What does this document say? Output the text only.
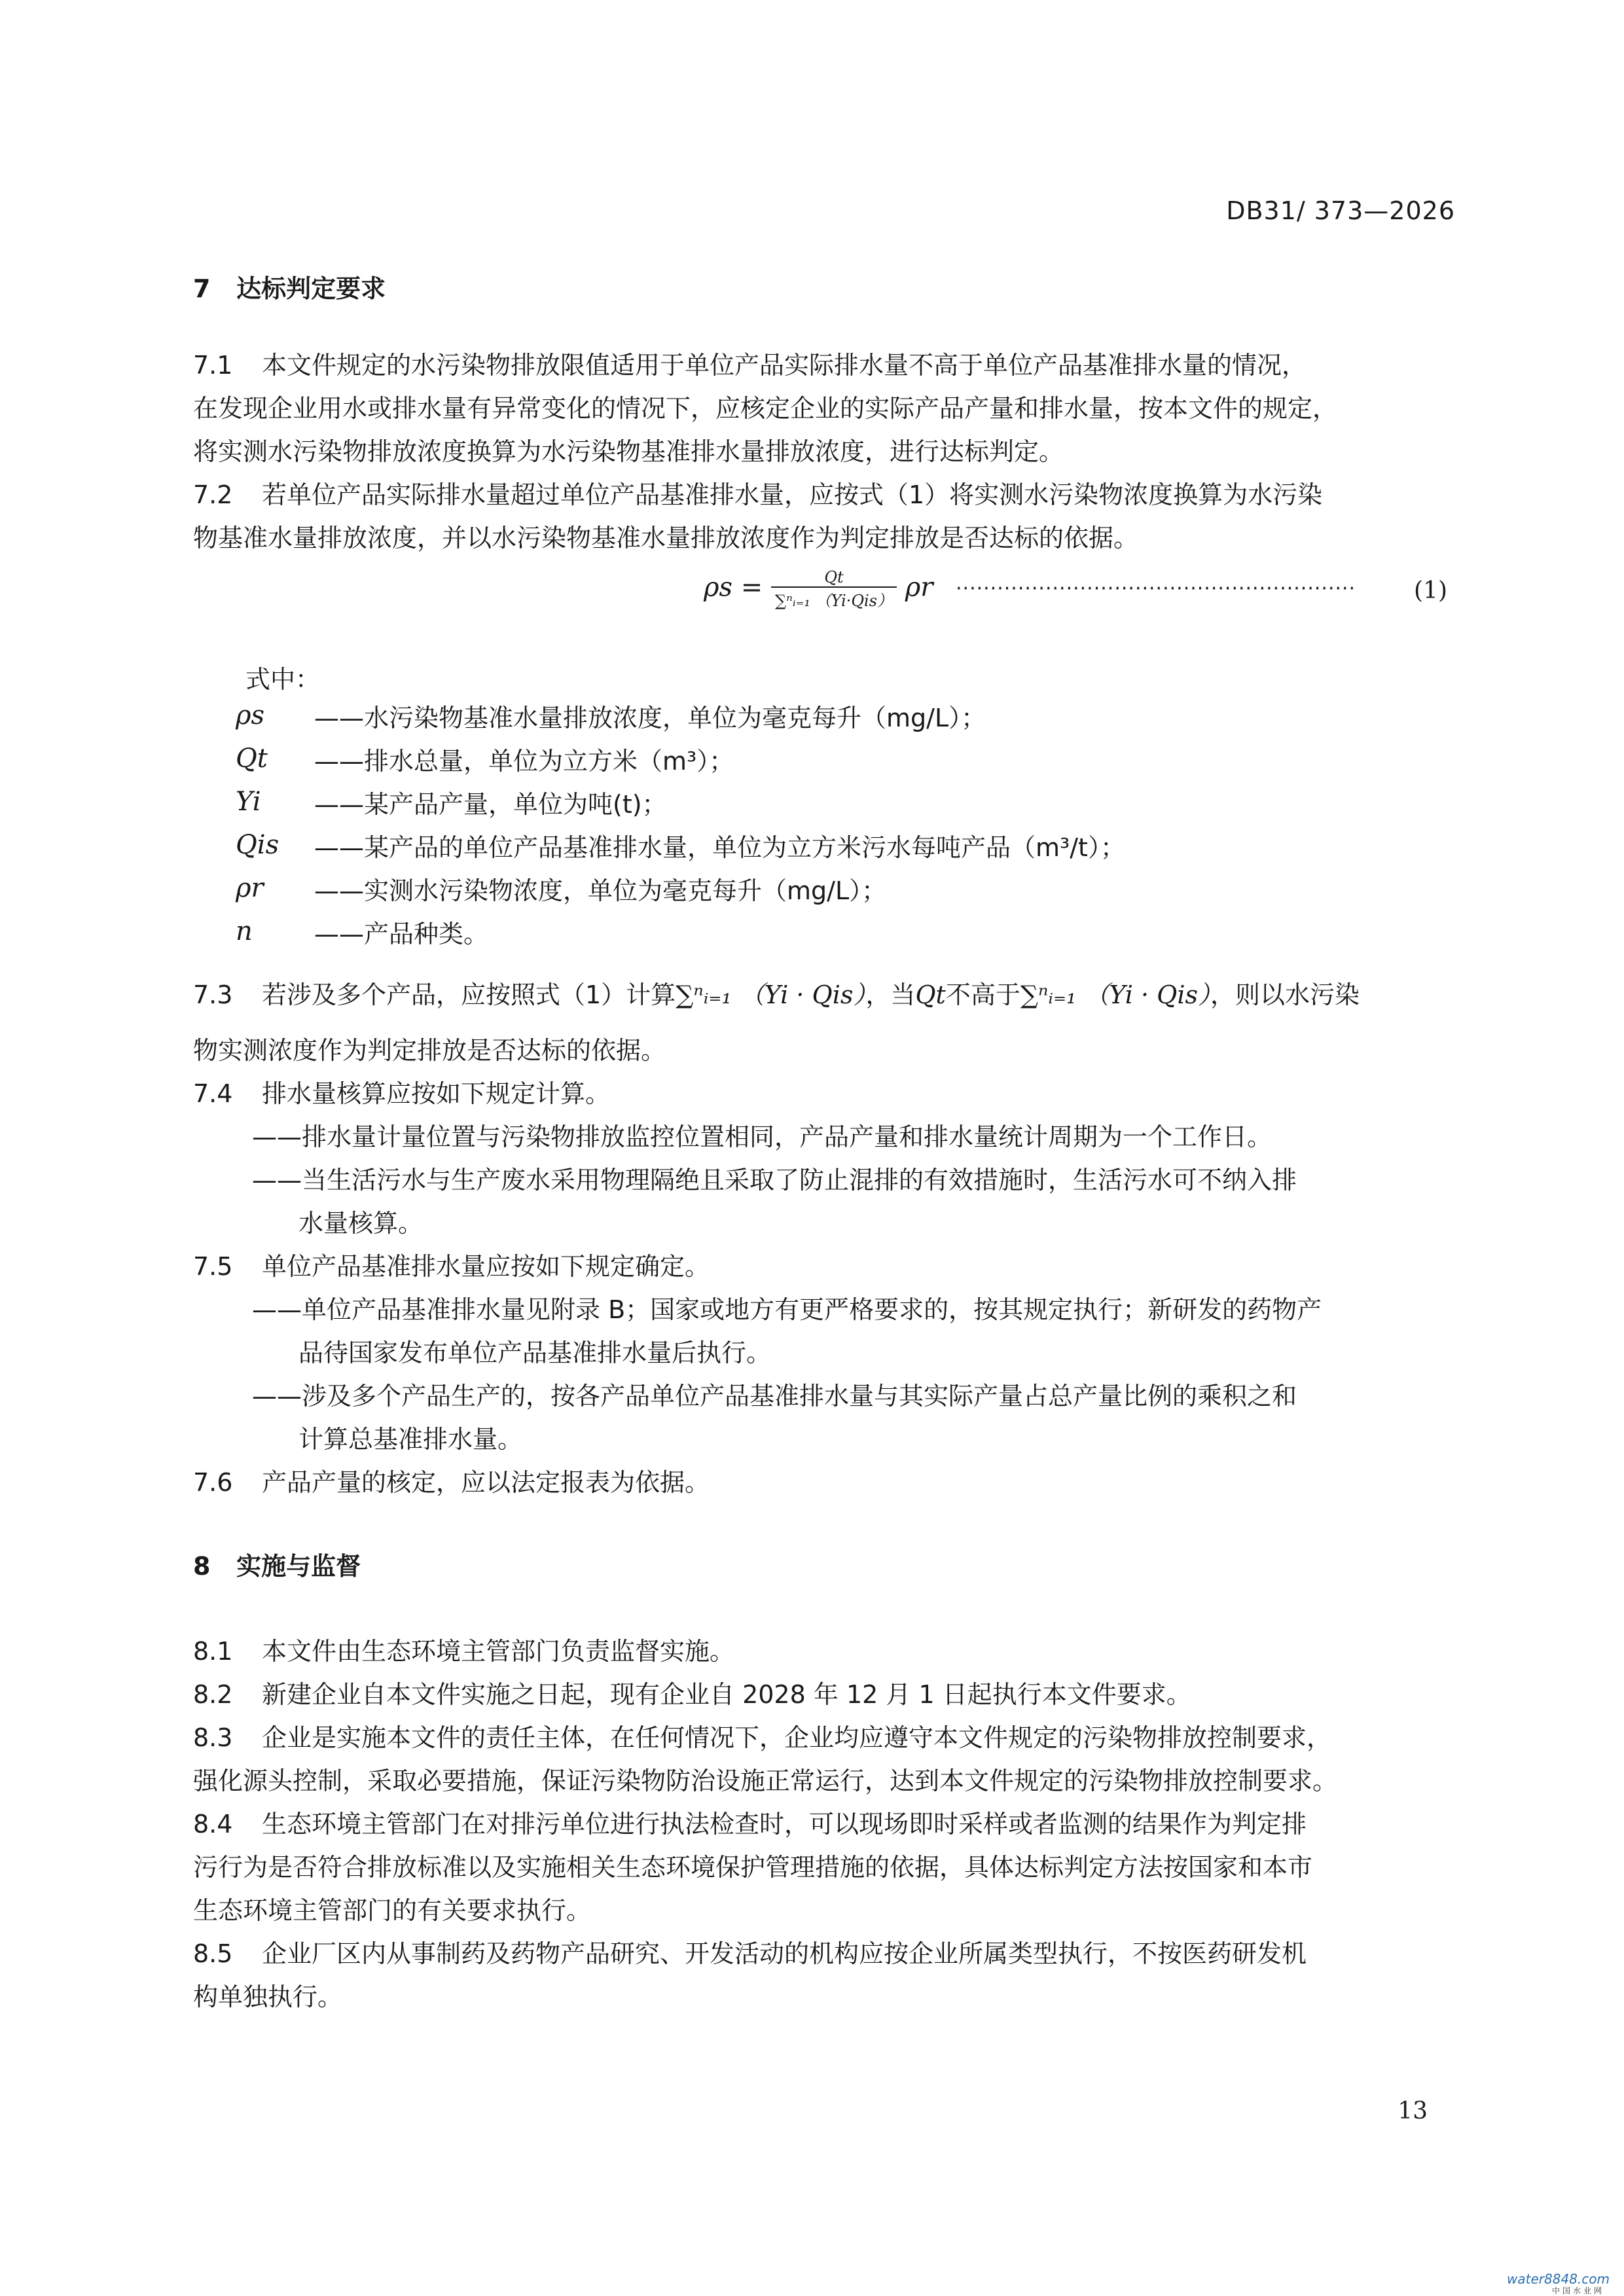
DB31/ 373—2026
7 达标判定要求
7.1 本文件规定的水污染物排放限值适用于单位产品实际排水量不高于单位产品基准排水量的情况，
在发现企业用水或排水量有异常变化的情况下，应核定企业的实际产品产量和排水量，按本文件的规定，
将实测水污染物排放浓度换算为水污染物基准排水量排放浓度，进行达标判定。
7.2 若单位产品实际排水量超过单位产品基准排水量，应按式（1）将实测水污染物浓度换算为水污染
物基准水量排放浓度，并以水污染物基准水量排放浓度作为判定排放是否达标的依据。
$\rho s = \frac{Qt}{\text{∑ⁿᵢ₌₁ （Yi·Qis）}}$ ρr ·························································· (1)
式中：
ρs ——水污染物基准水量排放浓度，单位为毫克每升（mg/L）；
Qt ——排水总量，单位为立方米（m³）；
Yi ——某产品产量，单位为吨(t)；
Qis ——某产品的单位产品基准排水量，单位为立方米污水每吨产品（m³/t）；
ρr ——实测水污染物浓度，单位为毫克每升（mg/L）；
n ——产品种类。
7.3 若涉及多个产品，应按照式（1）计算∑ⁿᵢ₌₁ （Yi · Qis），当Qt不高于∑ⁿᵢ₌₁ （Yi · Qis），则以水污染
物实测浓度作为判定排放是否达标的依据。
7.4 排水量核算应按如下规定计算。
——排水量计量位置与污染物排放监控位置相同，产品产量和排水量统计周期为一个工作日。
——当生活污水与生产废水采用物理隔绝且采取了防止混排的有效措施时，生活污水可不纳入排
水量核算。
7.5 单位产品基准排水量应按如下规定确定。
——单位产品基准排水量见附录 B；国家或地方有更严格要求的，按其规定执行；新研发的药物产
品待国家发布单位产品基准排水量后执行。
——涉及多个产品生产的，按各产品单位产品基准排水量与其实际产量占总产量比例的乘积之和
计算总基准排水量。
7.6 产品产量的核定，应以法定报表为依据。
8 实施与监督
8.1 本文件由生态环境主管部门负责监督实施。
8.2 新建企业自本文件实施之日起，现有企业自 2028 年 12 月 1 日起执行本文件要求。
8.3 企业是实施本文件的责任主体，在任何情况下，企业均应遵守本文件规定的污染物排放控制要求，
强化源头控制，采取必要措施，保证污染物防治设施正常运行，达到本文件规定的污染物排放控制要求。
8.4 生态环境主管部门在对排污单位进行执法检查时，可以现场即时采样或者监测的结果作为判定排
污行为是否符合排放标准以及实施相关生态环境保护管理措施的依据，具体达标判定方法按国家和本市
生态环境主管部门的有关要求执行。
8.5 企业厂区内从事制药及药物产品研究、开发活动的机构应按企业所属类型执行，不按医药研发机
构单独执行。
13
water8848.com
中国水业网
